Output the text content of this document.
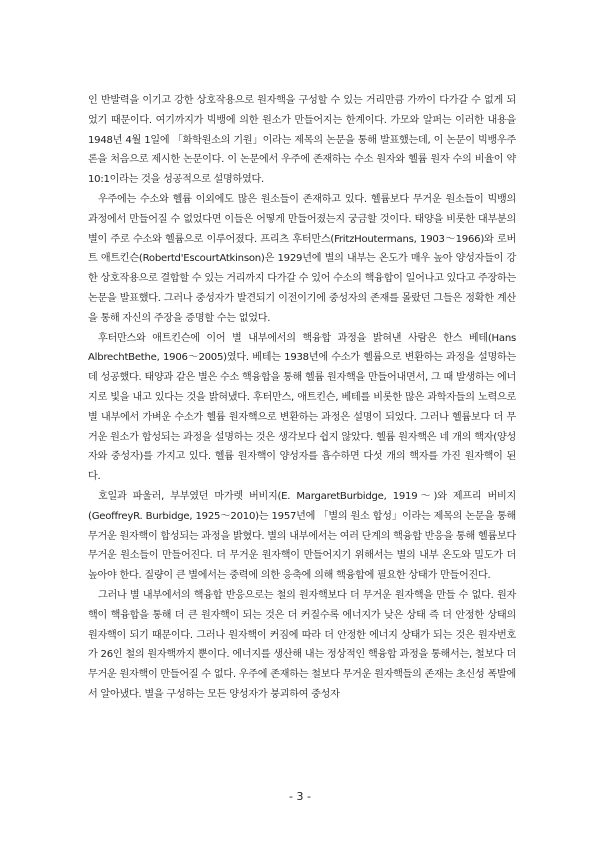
인 반발력을 이기고 강한 상호작용으로 원자핵을 구성할 수 있는 거리만큼 가까이 다가갈 수 없게 되었기 때문이다. 여기까지가 빅뱅에 의한 원소가 만들어지는 한계이다. 가모와 알퍼는 이러한 내용을 1948년 4월 1일에 「화학원소의 기원」이라는 제목의 논문을 통해 발표했는데, 이 논문이 빅뱅우주론을 처음으로 제시한 논문이다. 이 논문에서 우주에 존재하는 수소 원자와 헬륨 원자 수의 비율이 약 10:1이라는 것을 성공적으로 설명하였다.

우주에는 수소와 헬륨 이외에도 많은 원소들이 존재하고 있다. 헬륨보다 무거운 원소들이 빅뱅의 과정에서 만들어질 수 없었다면 이들은 어떻게 만들어졌는지 궁금할 것이다. 태양을 비롯한 대부분의 별이 주로 수소와 헬륨으로 이루어졌다. 프리츠 후터만스(FritzHoutermans, 1903～1966)와 로버트 애트킨슨(Robertd'EscourtAtkinson)은 1929년에 별의 내부는 온도가 매우 높아 양성자들이 강한 상호작용으로 결합할 수 있는 거리까지 다가갈 수 있어 수소의 핵융합이 일어나고 있다고 주장하는 논문을 발표했다. 그러나 중성자가 발견되기 이전이기에 중성자의 존재를 몰랐던 그들은 정확한 계산을 통해 자신의 주장을 증명할 수는 없었다.

후터만스와 애트킨슨에 이어 별 내부에서의 핵융합 과정을 밝혀낸 사람은 한스 베테(Hans AlbrechtBethe, 1906～2005)였다. 베테는 1938년에 수소가 헬륨으로 변환하는 과정을 설명하는데 성공했다. 태양과 같은 별은 수소 핵융합을 통해 헬륨 원자핵을 만들어내면서, 그 때 발생하는 에너지로 빛을 내고 있다는 것을 밝혀냈다. 후터만스, 애트킨슨, 베테를 비롯한 많은 과학자들의 노력으로 별 내부에서 가벼운 수소가 헬륨 원자핵으로 변환하는 과정은 설명이 되었다. 그러나 헬륨보다 더 무거운 원소가 합성되는 과정을 설명하는 것은 생각보다 쉽지 않았다. 헬륨 원자핵은 네 개의 핵자(양성자와 중성자)를 가지고 있다. 헬륨 원자핵이 양성자를 흡수하면 다섯 개의 핵자를 가진 원자핵이 된다.

호일과 파울러, 부부였던 마가렛 버비지(E. MargaretBurbidge, 1919～)와 제프리 버비지(GeoffreyR. Burbidge, 1925～2010)는 1957년에 「별의 원소 합성」이라는 제목의 논문을 통해 무거운 원자핵이 합성되는 과정을 밝혔다. 별의 내부에서는 여러 단계의 핵융합 반응을 통해 헬륨보다 무거운 원소들이 만들어진다. 더 무거운 원자핵이 만들어지기 위해서는 별의 내부 온도와 밀도가 더 높아야 한다. 질량이 큰 별에서는 중력에 의한 응축에 의해 핵융합에 필요한 상태가 만들어진다.

그러나 별 내부에서의 핵융합 반응으로는 철의 원자핵보다 더 무거운 원자핵을 만들 수 없다. 원자핵이 핵융합을 통해 더 큰 원자핵이 되는 것은 더 커질수록 에너지가 낮은 상태 즉 더 안정한 상태의 원자핵이 되기 때문이다. 그러나 원자핵이 커짐에 따라 더 안정한 에너지 상태가 되는 것은 원자번호가 26인 철의 원자핵까지 뿐이다. 에너지를 생산해 내는 정상적인 핵융합 과정을 통해서는, 철보다 더 무거운 원자핵이 만들어질 수 없다. 우주에 존재하는 철보다 무거운 원자핵들의 존재는 초신성 폭발에서 알아냈다. 별을 구성하는 모든 양성자가 붕괴하여 중성자

- 3 -
